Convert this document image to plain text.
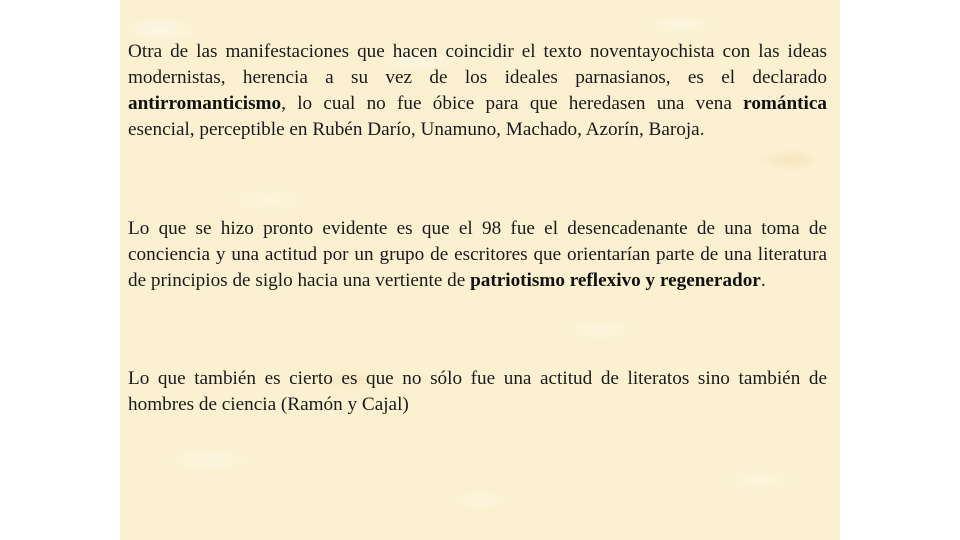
Otra de las manifestaciones que hacen coincidir el texto noventayochista con las ideas modernistas, herencia a su vez de los ideales parnasianos, es el declarado antirromanticismo, lo cual no fue óbice para que heredasen una vena romántica esencial, perceptible en Rubén Darío, Unamuno, Machado, Azorín, Baroja.

Lo que se hizo pronto evidente es que el 98 fue el desencadenante de una toma de conciencia y una actitud por un grupo de escritores que orientarían parte de una literatura de principios de siglo hacia una vertiente de patriotismo reflexivo y regenerador.

Lo que también es cierto es que no sólo fue una actitud de literatos sino también de hombres de ciencia (Ramón y Cajal)
